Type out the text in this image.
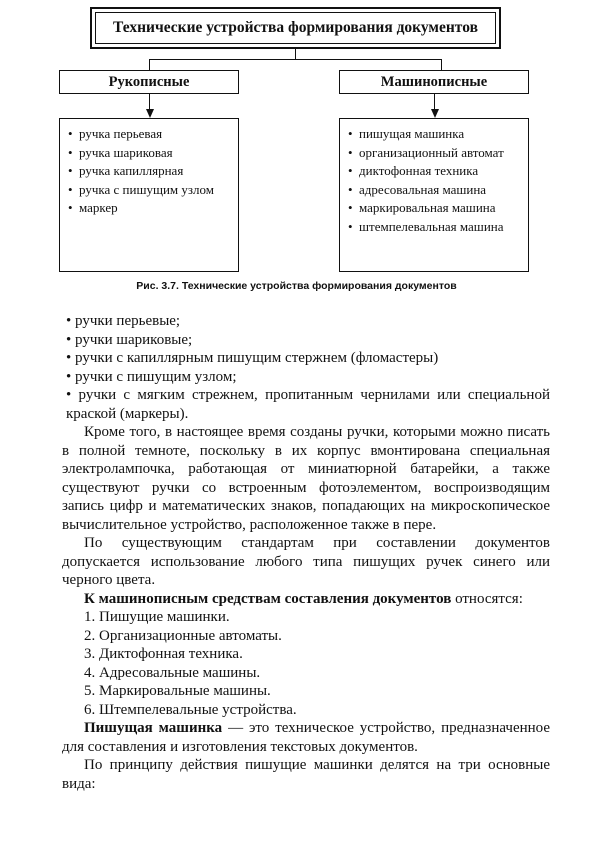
Технические устройства формирования документов
Рукописные	Машинописные
• ручка перьевая
• ручка шариковая
• ручка капиллярная
• ручка с пишущим узлом
• маркер
• пишущая машинка
• организационный автомат
• диктофонная техника
• адресовальная машина
• маркировальная машина
• штемпелевальная машина
Рис. 3.7. Технические устройства формирования документов

• ручки перьевые;

• ручки шариковые;

• ручки с капиллярным пишущим стержнем (фломастеры)

• ручки с пишущим узлом;

• ручки с мягким стрежнем, пропитанным чернилами или специальной краской (маркеры).

Кроме того, в настоящее время созданы ручки, которыми можно писать в полной темноте, поскольку в их корпус вмонтирована специальная электролампочка, работающая от миниатюрной батарейки, а также существуют ручки со встроенным фотоэлементом, воспроизводящим запись цифр и математических знаков, попадающих на микроскопическое вычислительное устройство, расположенное также в пере.

По существующим стандартам при составлении документов допускается использование любого типа пишущих ручек синего или черного цвета.

К машинописным средствам составления документов относятся:

1. Пишущие машинки.

2. Организационные автоматы.

3. Диктофонная техника.

4. Адресовальные машины.

5. Маркировальные машины.

6. Штемпелевальные устройства.

Пишущая машинка — это техническое устройство, предназначенное для составления и изготовления текстовых документов.

По принципу действия пишущие машинки делятся на три основные вида:
